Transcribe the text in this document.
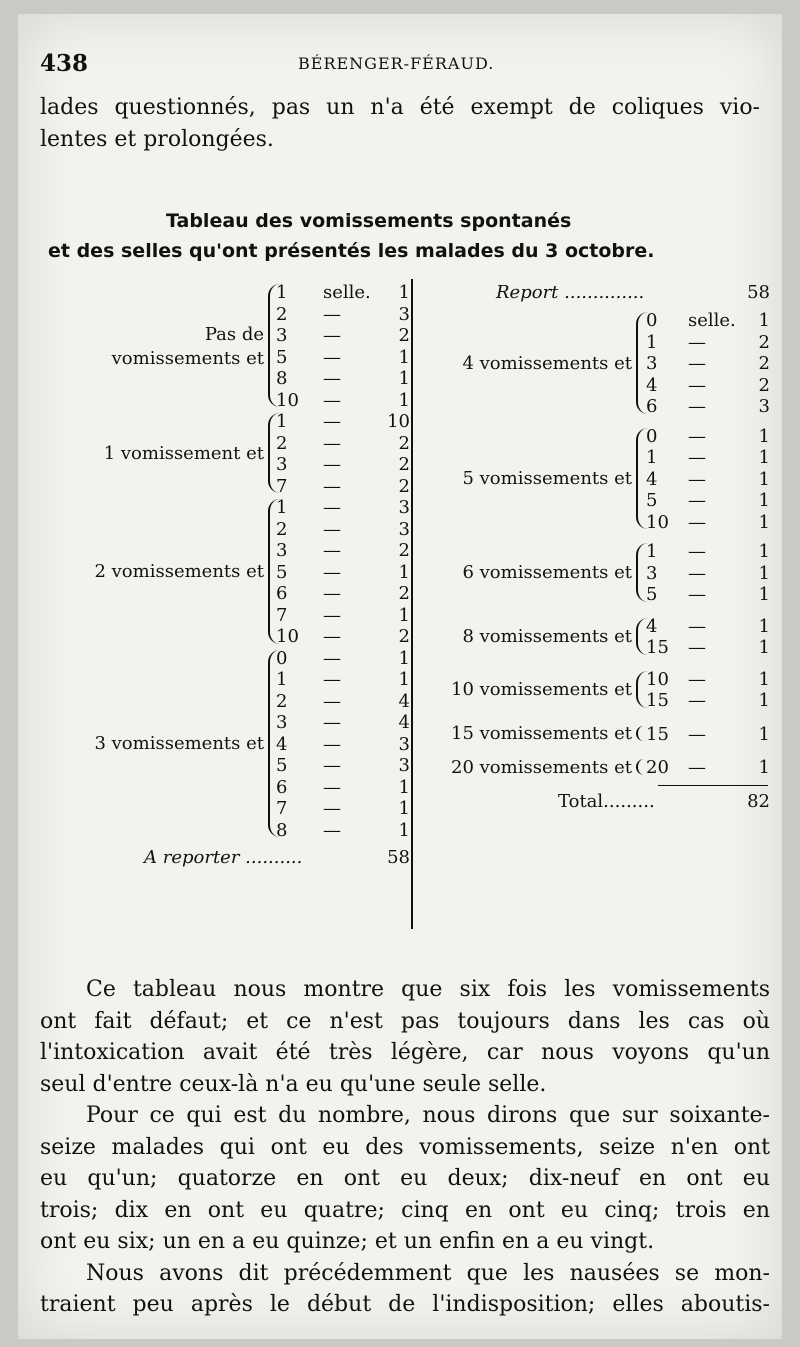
438	BÉRENGER-FÉRAUD.
lades questionnés, pas un n'a été exempt de coliques vio-
lentes et prolongées.
Tableau des vomissements spontanés
et des selles qu'ont présentés les malades du 3 octobre.
Pas de
vomissements et
1 selle. 1
2 —	3
3 —	2
5 —	1
8 —	1
10 —	1
1 vomissement et
1 —	10
2 —	2
3 —	2
7 —	2
2 vomissements et
1 —	3
2 —	3
3 —	2
5 —	1
6 —	2
7 —	1
10 —	2
3 vomissements et
0 —	1
1 —	1
2 —	4
3 —	4
4 —	3
5 —	3
6 —	1
7 —	1
8 —	1
A reporter ..........	58
Report ..............	58
4 vomissements et
0 selle. 1
1 —	2
3 —	2
4 —	2
6 —	3
5 vomissements et
0 —	1
1 —	1
4 —	1
5 —	1
10 —	1
6 vomissements et
1 —	1
3 —	1
5 —	1
8 vomissements et 4 —	1
15 —	1
10 vomissements et 10 —	1
15 —	1
15 vomissements et 15 —	1
20 vomissements et 20 —	1
Total.........	82

Ce tableau nous montre que six fois les vomissements

ont fait défaut; et ce n'est pas toujours dans les cas où

l'intoxication avait été très légère, car nous voyons qu'un

seul d'entre ceux-là n'a eu qu'une seule selle.

Pour ce qui est du nombre, nous dirons que sur soixante-

seize malades qui ont eu des vomissements, seize n'en ont

eu qu'un; quatorze en ont eu deux; dix-neuf en ont eu

trois; dix en ont eu quatre; cinq en ont eu cinq; trois en

ont eu six; un en a eu quinze; et un enfin en a eu vingt.

Nous avons dit précédemment que les nausées se mon-

traient peu après le début de l'indisposition; elles aboutis-
